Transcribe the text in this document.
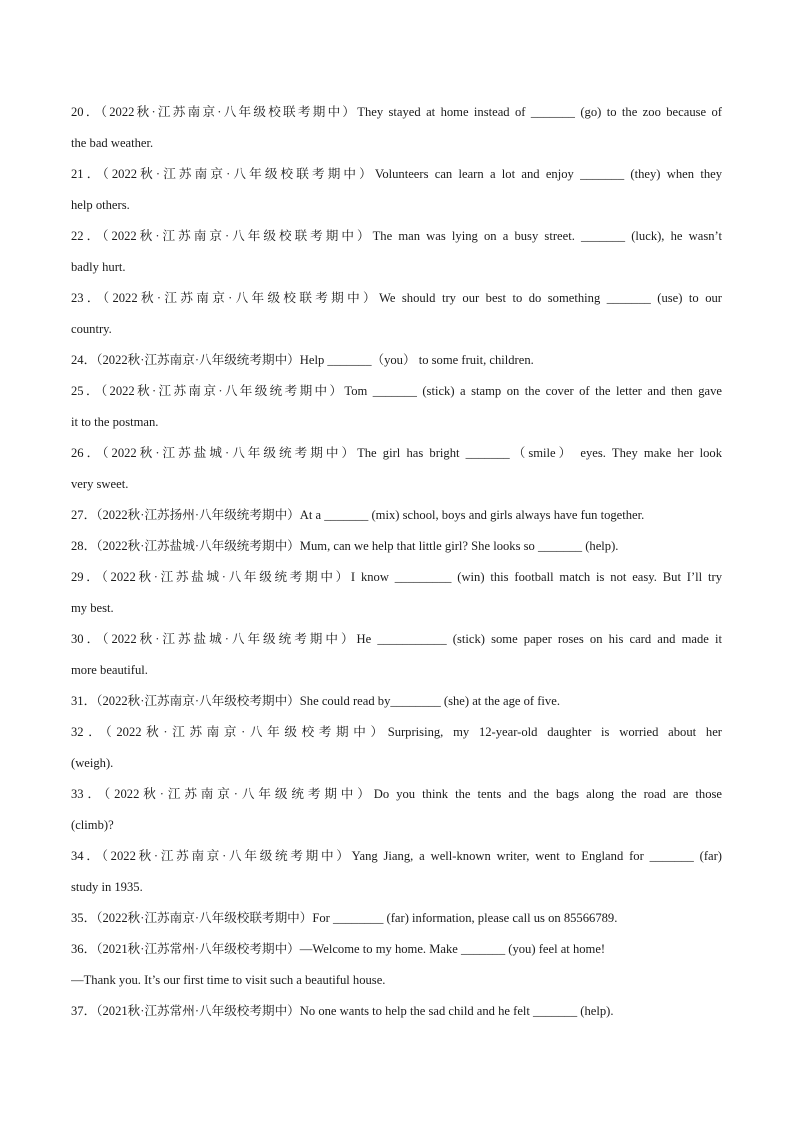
20．（2022秋·江苏南京·八年级校联考期中）They stayed at home instead of _______ (go) to the zoo because of
the bad weather.
21．（2022秋·江苏南京·八年级校联考期中）Volunteers can learn a lot and enjoy _______ (they) when they
help others.
22．（2022秋·江苏南京·八年级校联考期中）The man was lying on a busy street. _______ (luck), he wasn’t
badly hurt.
23．（2022秋·江苏南京·八年级校联考期中）We should try our best to do something _______ (use) to our
country.
24．（2022秋·江苏南京·八年级统考期中）Help _______（you） to some fruit, children.
25．（2022秋·江苏南京·八年级统考期中）Tom _______ (stick) a stamp on the cover of the letter and then gave
it to the postman.
26．（2022秋·江苏盐城·八年级统考期中）The girl has bright _______（smile） eyes. They make her look
very sweet.
27．（2022秋·江苏扬州·八年级统考期中）At a _______ (mix) school, boys and girls always have fun together.
28．（2022秋·江苏盐城·八年级统考期中）Mum, can we help that little girl? She looks so _______ (help).
29．（2022秋·江苏盐城·八年级统考期中）I know _________ (win) this football match is not easy. But I’ll try
my best.
30．（2022秋·江苏盐城·八年级统考期中）He ___________ (stick) some paper roses on his card and made it
more beautiful.
31．（2022秋·江苏南京·八年级校考期中）She could read by________ (she) at the age of five.
32．（2022秋·江苏南京·八年级校考期中）Surprising, my 12-year-old daughter is worried about her
(weigh).
33．（2022秋·江苏南京·八年级统考期中）Do you think the tents and the bags along the road are those
(climb)?
34．（2022秋·江苏南京·八年级统考期中）Yang Jiang, a well-known writer, went to England for _______ (far)
study in 1935.
35．（2022秋·江苏南京·八年级校联考期中）For ________ (far) information, please call us on 85566789.
36．（2021秋·江苏常州·八年级校考期中）—Welcome to my home. Make _______ (you) feel at home!
—Thank you. It’s our first time to visit such a beautiful house.
37．（2021秋·江苏常州·八年级校考期中）No one wants to help the sad child and he felt _______ (help).
